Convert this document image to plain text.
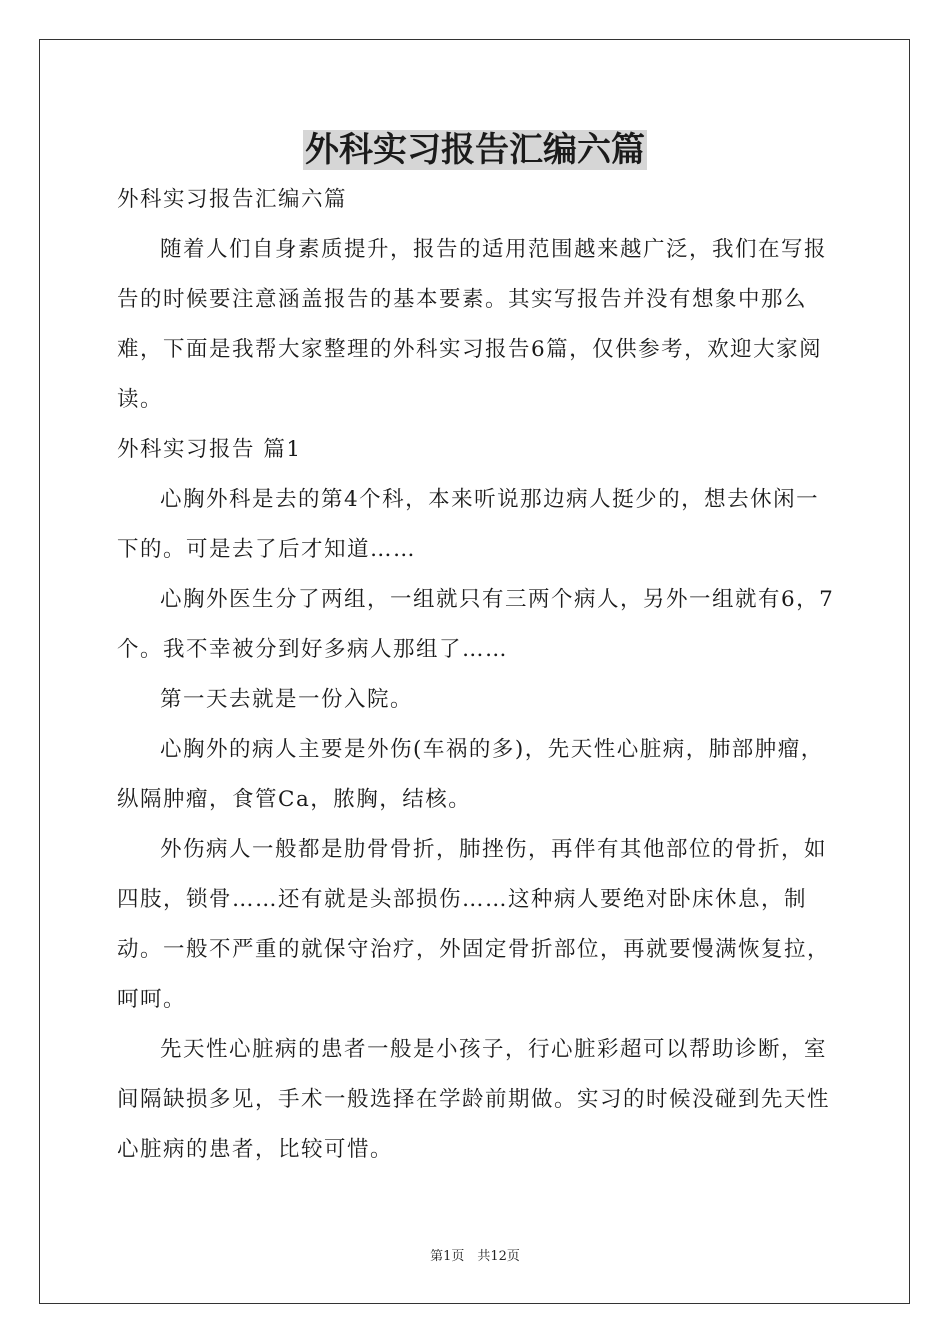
外科实习报告汇编六篇

外科实习报告汇编六篇

随着人们自身素质提升，报告的适用范围越来越广泛，我们在写报告的时候要注意涵盖报告的基本要素。其实写报告并没有想象中那么难，下面是我帮大家整理的外科实习报告6篇，仅供参考，欢迎大家阅读。

外科实习报告 篇1

心胸外科是去的第4个科，本来听说那边病人挺少的，想去休闲一下的。可是去了后才知道……

心胸外医生分了两组，一组就只有三两个病人，另外一组就有6，7个。我不幸被分到好多病人那组了……

第一天去就是一份入院。

心胸外的病人主要是外伤(车祸的多)，先天性心脏病，肺部肿瘤，纵隔肿瘤，食管Ca，脓胸，结核。

外伤病人一般都是肋骨骨折，肺挫伤，再伴有其他部位的骨折，如四肢，锁骨……还有就是头部损伤……这种病人要绝对卧床休息，制动。一般不严重的就保守治疗，外固定骨折部位，再就要慢满恢复拉，呵呵。

先天性心脏病的患者一般是小孩子，行心脏彩超可以帮助诊断，室间隔缺损多见，手术一般选择在学龄前期做。实习的时候没碰到先天性心脏病的患者，比较可惜。

第1页　共12页
